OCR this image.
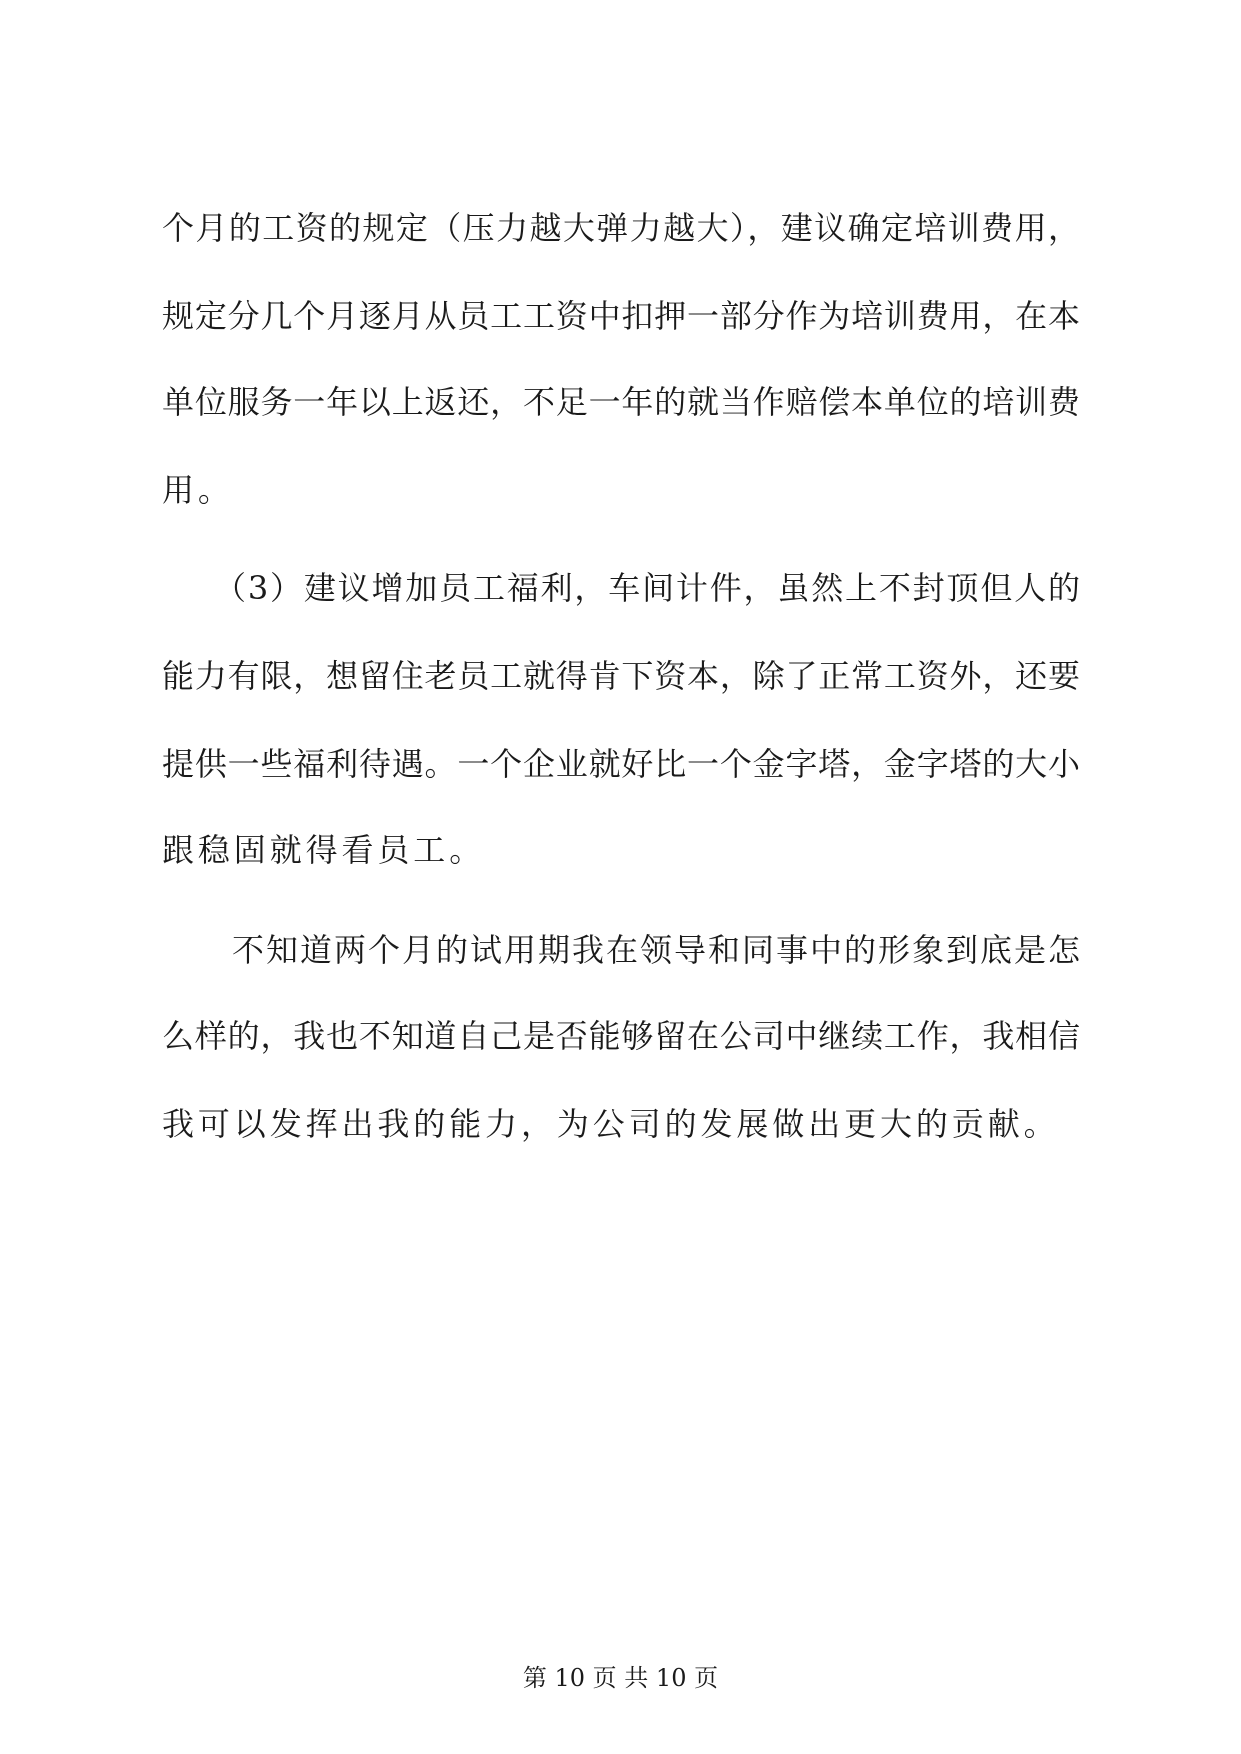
个月的工资的规定（压力越大弹力越大），建议确定培训费用，
规定分几个月逐月从员工工资中扣押一部分作为培训费用，在本
单位服务一年以上返还，不足一年的就当作赔偿本单位的培训费
用。
（3）建议增加员工福利，车间计件，虽然上不封顶但人的
能力有限，想留住老员工就得肯下资本，除了正常工资外，还要
提供一些福利待遇。一个企业就好比一个金字塔，金字塔的大小
跟稳固就得看员工。
不知道两个月的试用期我在领导和同事中的形象到底是怎
么样的，我也不知道自己是否能够留在公司中继续工作，我相信
我可以发挥出我的能力，为公司的发展做出更大的贡献。
第 10 页 共 10 页
